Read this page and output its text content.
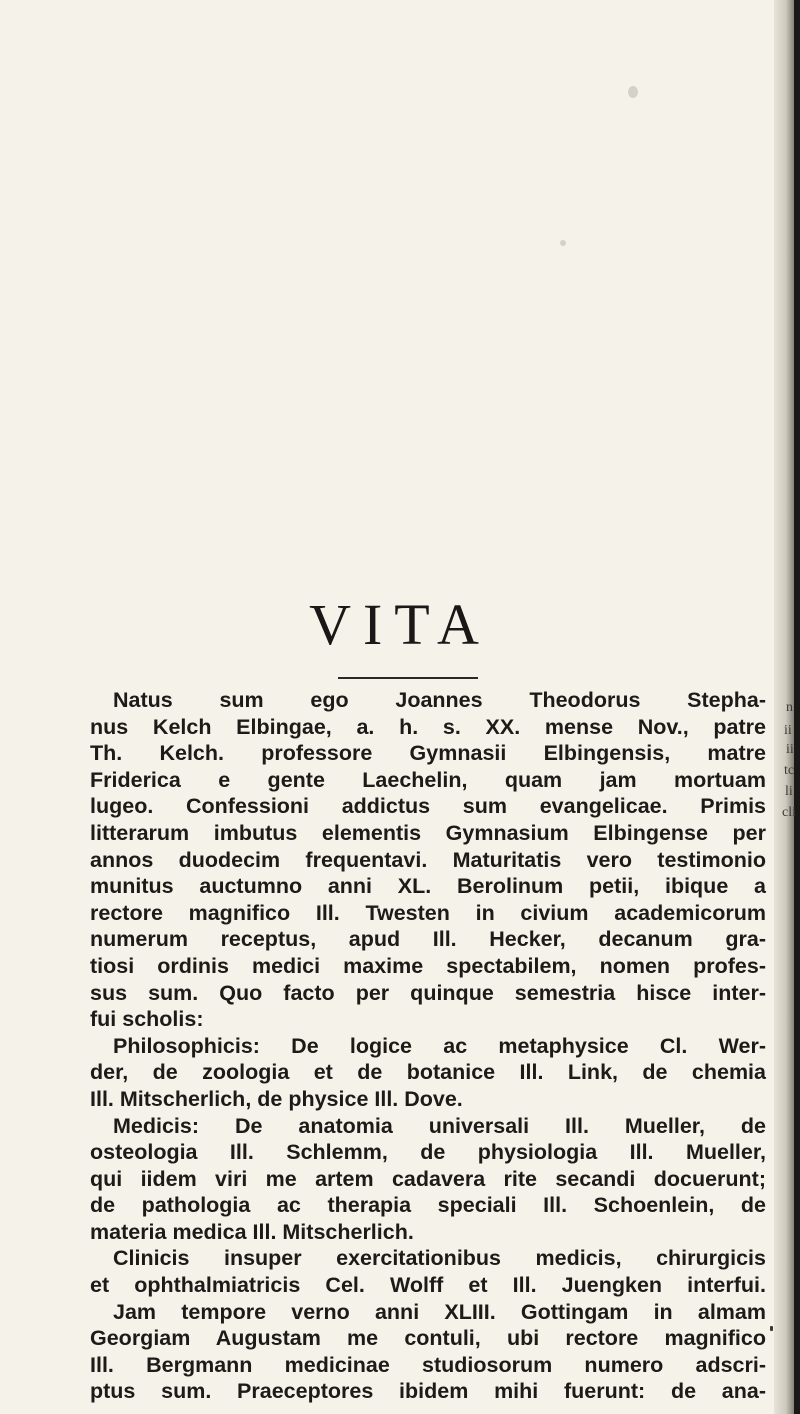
n
ii
ii
tc
li
cli
VITA
Natus sum ego Joannes Theodorus Stepha-
nus Kelch Elbingae, a. h. s. XX. mense Nov., patre
Th. Kelch. professore Gymnasii Elbingensis, matre
Friderica e gente Laechelin, quam jam mortuam
lugeo. Confessioni addictus sum evangelicae. Primis
litterarum imbutus elementis Gymnasium Elbingense per
annos duodecim frequentavi. Maturitatis vero testimonio
munitus auctumno anni XL. Berolinum petii, ibique a
rectore magnifico Ill. Twesten in civium academicorum
numerum receptus, apud Ill. Hecker, decanum gra-
tiosi ordinis medici maxime spectabilem, nomen profes-
sus sum. Quo facto per quinque semestria hisce inter-
fui scholis:
Philosophicis: De logice ac metaphysice Cl. Wer-
der, de zoologia et de botanice Ill. Link, de chemia
Ill. Mitscherlich, de physice Ill. Dove.
Medicis: De anatomia universali Ill. Mueller, de
osteologia Ill. Schlemm, de physiologia Ill. Mueller,
qui iidem viri me artem cadavera rite secandi docuerunt;
de pathologia ac therapia speciali Ill. Schoenlein, de
materia medica Ill. Mitscherlich.
Clinicis insuper exercitationibus medicis, chirurgicis
et ophthalmiatricis Cel. Wolff et Ill. Juengken interfui.
Jam tempore verno anni XLIII. Gottingam in almam
Georgiam Augustam me contuli, ubi rectore magnifico
Ill. Bergmann medicinae studiosorum numero adscri-
ptus sum. Praeceptores ibidem mihi fuerunt: de ana-
